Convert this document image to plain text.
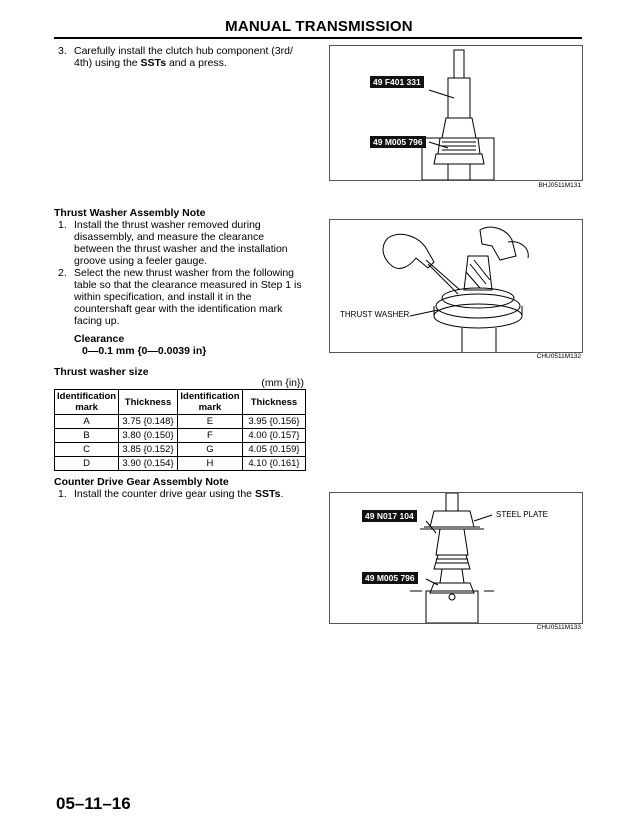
MANUAL TRANSMISSION
3. Carefully install the clutch hub component (3rd/
4th) using the SSTs and a press.
49 F401 331
49 M005 796
BHJ0511M131
Thrust Washer Assembly Note
1. Install the thrust washer removed during
disassembly, and measure the clearance
between the thrust washer and the installation
groove using a feeler gauge.
2. Select the new thrust washer from the following
table so that the clearance measured in Step 1 is
within specification, and install it in the
countershaft gear with the identification mark
facing up.
Clearance
0—0.1 mm {0—0.0039 in}
THRUST WASHER
CHU0511M132
Thrust washer size
(mm {in})
Identification mark	Thickness	Identification mark	Thickness
A	3.75 {0.148}	E	3.95 {0.156}
B	3.80 {0.150}	F	4.00 {0.157}
C	3.85 {0.152}	G	4.05 {0.159}
D	3.90 {0.154}	H	4.10 {0.161}
Counter Drive Gear Assembly Note
1. Install the counter drive gear using the SSTs.
49 N017 104
49 M005 796
STEEL PLATE
CHU0511M133
05–11–16
